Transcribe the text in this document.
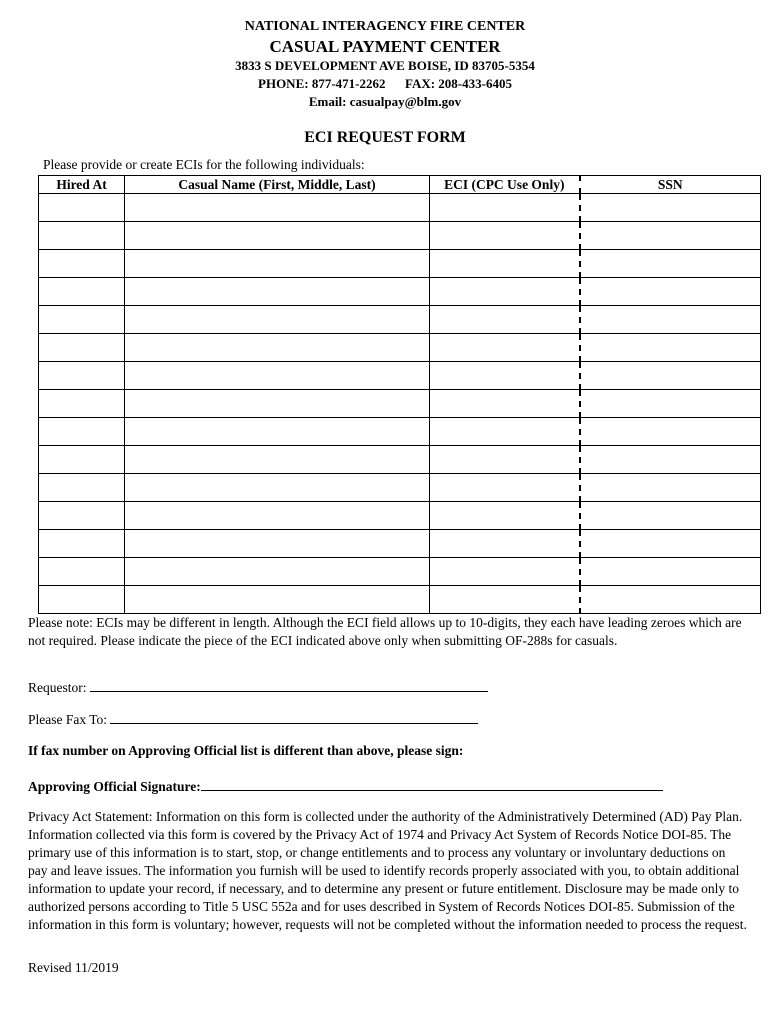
NATIONAL INTERAGENCY FIRE CENTER
CASUAL PAYMENT CENTER
3833 S DEVELOPMENT AVE BOISE, ID 83705-5354
PHONE: 877-471-2262      FAX: 208-433-6405
Email: casualpay@blm.gov
ECI REQUEST FORM
Please provide or create ECIs for the following individuals:
Hired At	Casual Name (First, Middle, Last)	ECI (CPC Use Only)	SSN

Please note: ECIs may be different in length. Although the ECI field allows up to 10-digits, they each have leading zeroes which are not required. Please indicate the piece of the ECI indicated above only when submitting OF-288s for casuals.
Requestor:
Please Fax To:
If fax number on Approving Official list is different than above, please sign:
Approving Official Signature:
Privacy Act Statement: Information on this form is collected under the authority of the Administratively Determined (AD) Pay Plan. Information collected via this form is covered by the Privacy Act of 1974 and Privacy Act System of Records Notice DOI-85. The primary use of this information is to start, stop, or change entitlements and to process any voluntary or involuntary deductions on pay and leave issues. The information you furnish will be used to identify records properly associated with you, to obtain additional information to update your record, if necessary, and to determine any present or future entitlement. Disclosure may be made only to authorized persons according to Title 5 USC 552a and for uses described in System of Records Notices DOI-85. Submission of the information in this form is voluntary; however, requests will not be completed without the information needed to process the request.
Revised 11/2019
